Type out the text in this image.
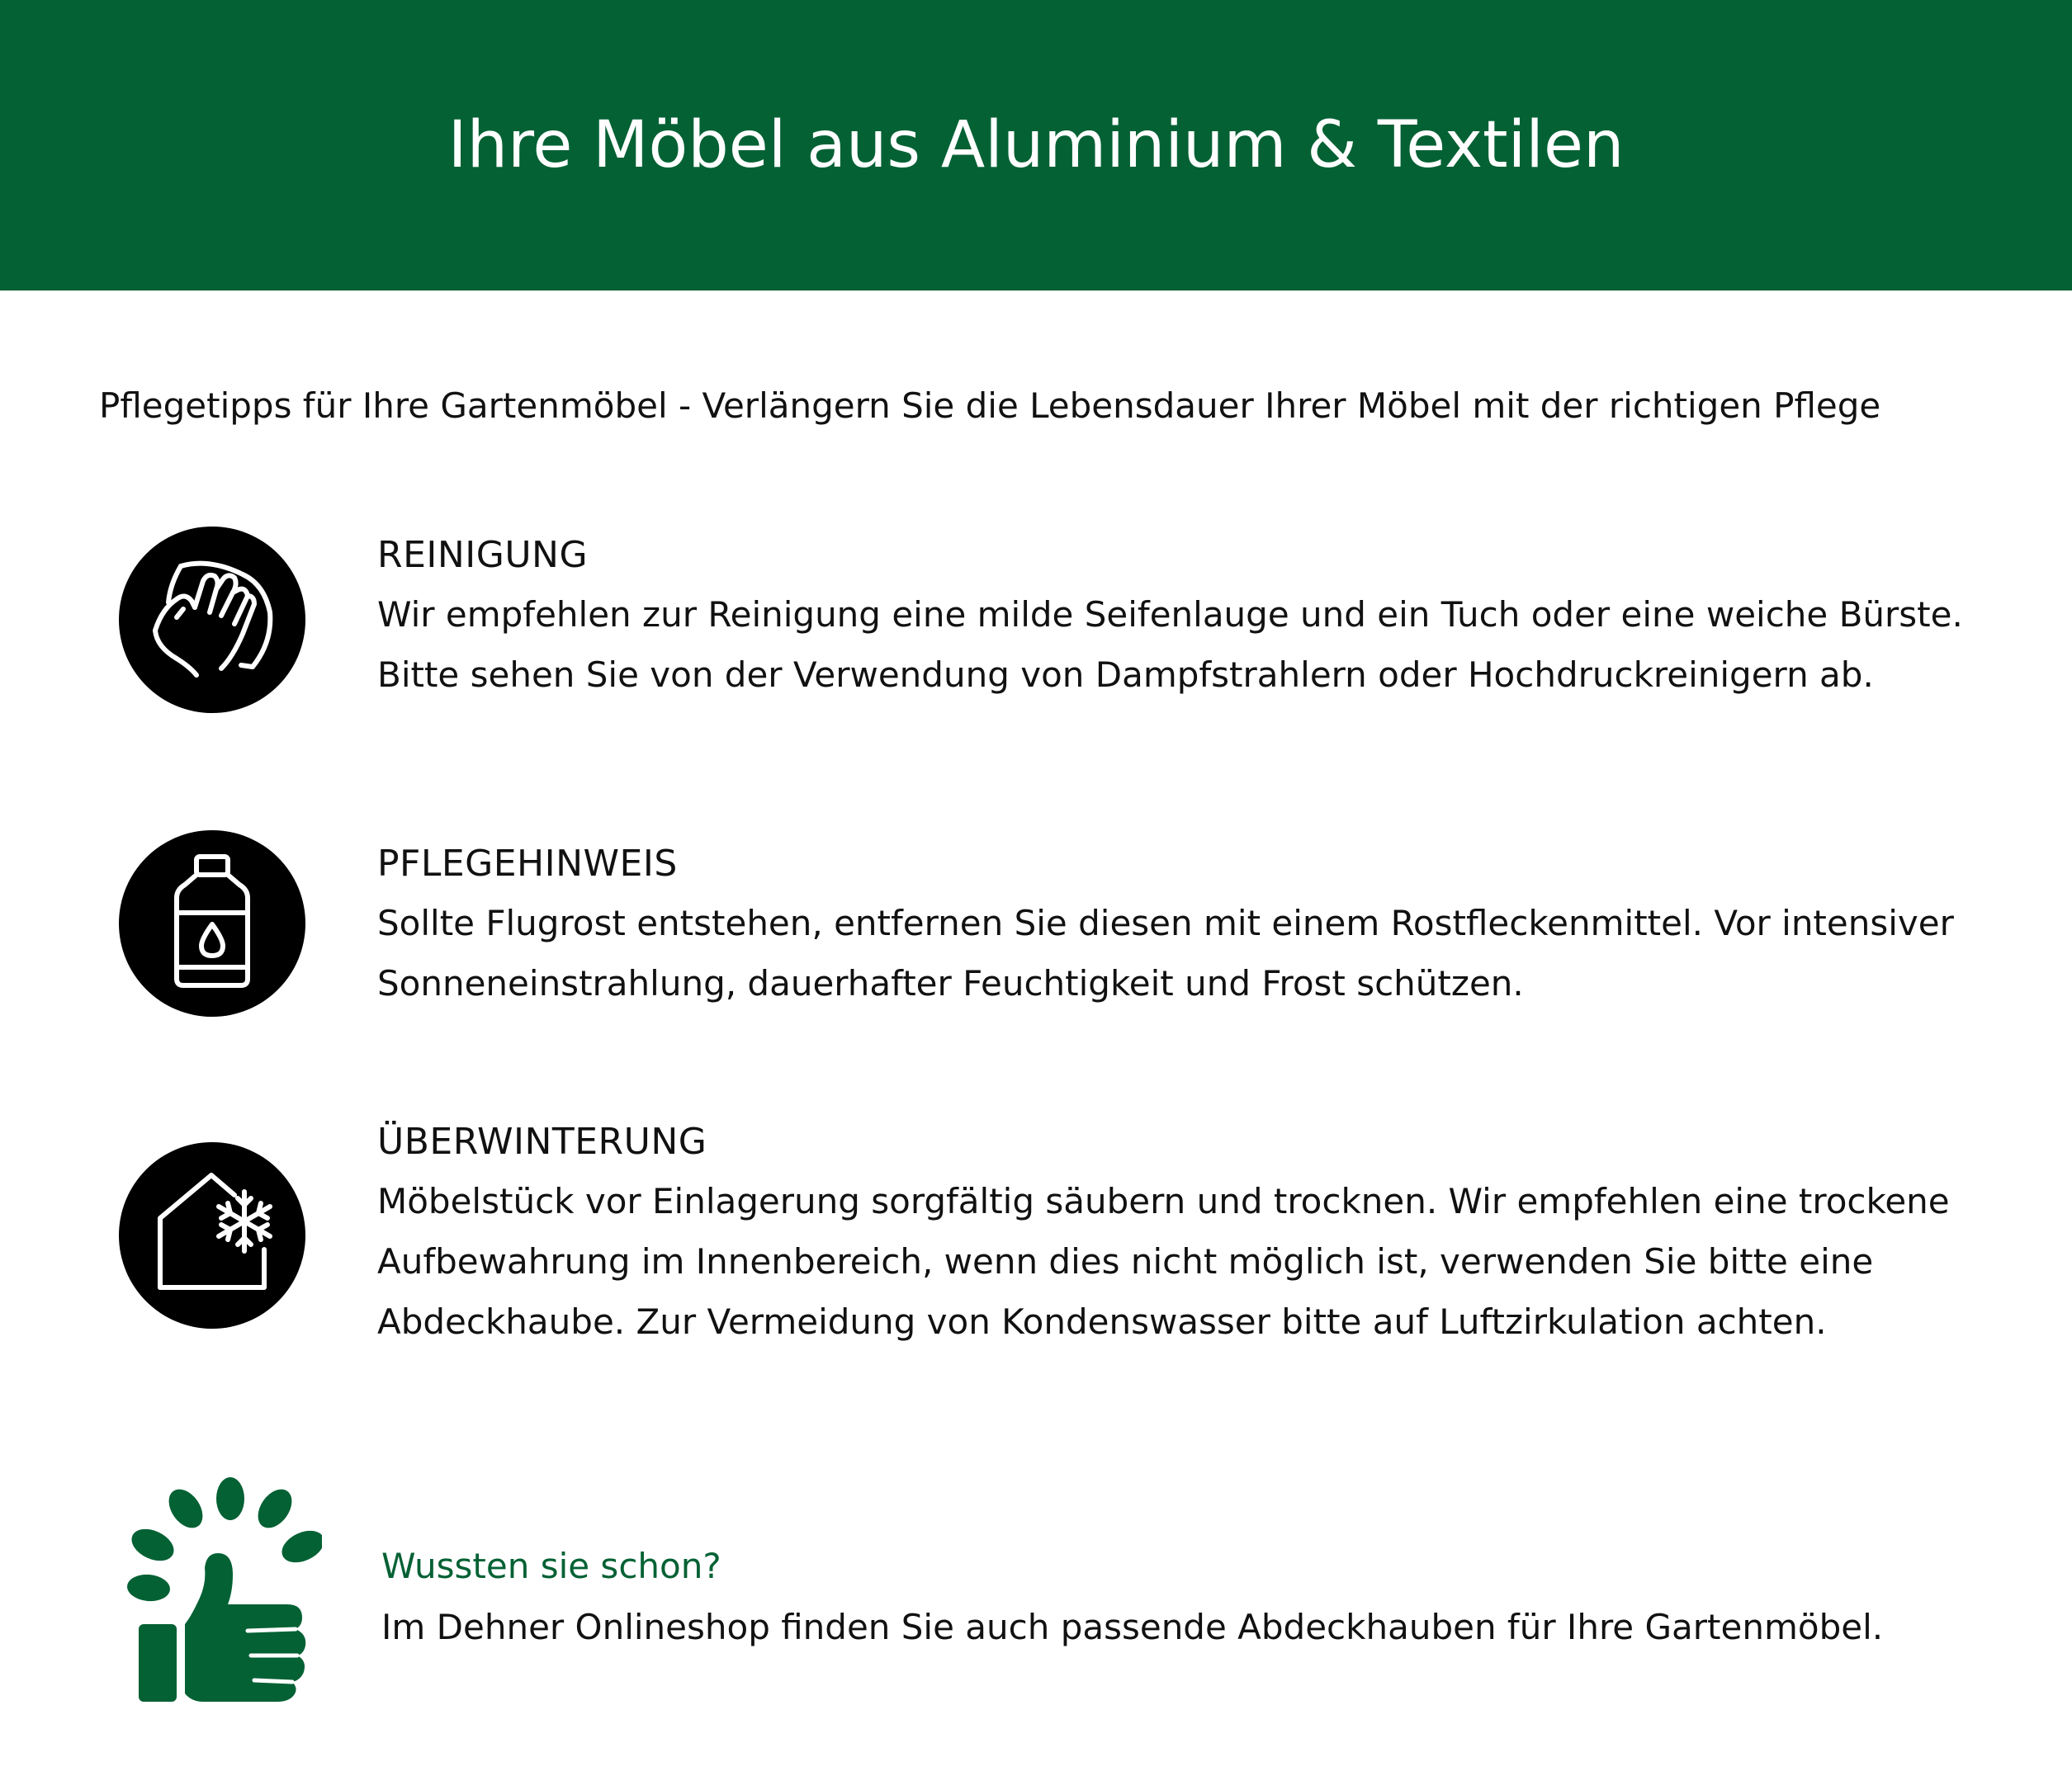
Ihre Möbel aus Aluminium & Textilen

Pflegetipps für Ihre Gartenmöbel - Verlängern Sie die Lebensdauer Ihrer Möbel mit der richtigen Pflege

REINIGUNG

Wir empfehlen zur Reinigung eine milde Seifenlauge und ein Tuch oder eine weiche Bürste.

Bitte sehen Sie von der Verwendung von Dampfstrahlern oder Hochdruckreinigern ab.

PFLEGEHINWEIS

Sollte Flugrost entstehen, entfernen Sie diesen mit einem Rostfleckenmittel. Vor intensiver

Sonneneinstrahlung, dauerhafter Feuchtigkeit und Frost schützen.

ÜBERWINTERUNG

Möbelstück vor Einlagerung sorgfältig säubern und trocknen. Wir empfehlen eine trockene

Aufbewahrung im Innenbereich, wenn dies nicht möglich ist, verwenden Sie bitte eine

Abdeckhaube. Zur Vermeidung von Kondenswasser bitte auf Luftzirkulation achten.

Wussten sie schon?

Im Dehner Onlineshop finden Sie auch passende Abdeckhauben für Ihre Gartenmöbel.
